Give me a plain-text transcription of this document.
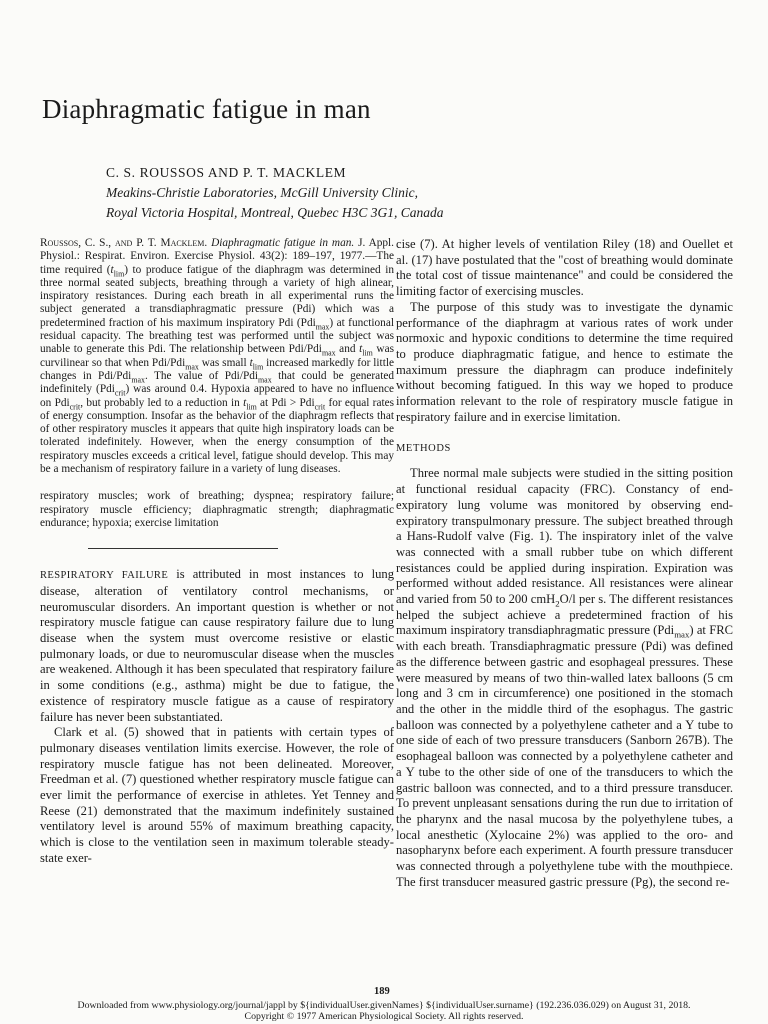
Diaphragmatic fatigue in man
C. S. ROUSSOS AND P. T. MACKLEM
Meakins-Christie Laboratories, McGill University Clinic,
Royal Victoria Hospital, Montreal, Quebec H3C 3G1, Canada

Roussos, C. S., and P. T. Macklem. Diaphragmatic fatigue in man. J. Appl. Physiol.: Respirat. Environ. Exercise Physiol. 43(2): 189–197, 1977.—The time required $(t_{lim})$ to produce fatigue of the diaphragm was determined in three normal seated subjects, breathing through a variety of high alinear, inspiratory resistances. During each breath in all experimental runs the subject generated a transdiaphragmatic pressure (Pdi) which was a predetermined fraction of his maximum inspiratory Pdi (Pdi$_{max}$) at functional residual capacity. The breathing test was performed until the subject was unable to generate this Pdi. The relationship between Pdi/Pdi$_{max}$ and $t_{lim}$ was curvilinear so that when Pdi/Pdi$_{max}$ was small $t_{lim}$ increased markedly for little changes in Pdi/Pdi$_{max}$. The value of Pdi/Pdi$_{max}$ that could be generated indefinitely (Pdi$_{crit}$) was around 0.4. Hypoxia appeared to have no influence on Pdi$_{crit}$, but probably led to a reduction in $t_{lim}$ at Pdi > Pdi$_{crit}$ for equal rates of energy consumption. Insofar as the behavior of the diaphragm reflects that of other respiratory muscles it appears that quite high inspiratory loads can be tolerated indefinitely. However, when the energy consumption of the respiratory muscles exceeds a critical level, fatigue should develop. This may be a mechanism of respiratory failure in a variety of lung diseases.

respiratory muscles; work of breathing; dyspnea; respiratory failure; respiratory muscle efficiency; diaphragmatic strength; diaphragmatic endurance; hypoxia; exercise limitation

RESPIRATORY FAILURE is attributed in most instances to lung disease, alteration of ventilatory control mechanisms, or neuromuscular disorders. An important question is whether or not respiratory muscle fatigue can cause respiratory failure due to lung disease when the system must overcome resistive or elastic pulmonary loads, or due to neuromuscular disease when the muscles are weakened. Although it has been speculated that respiratory failure in some conditions (e.g., asthma) might be due to fatigue, the existence of respiratory muscle fatigue as a cause of respiratory failure has never been substantiated.

Clark et al. (5) showed that in patients with certain types of pulmonary diseases ventilation limits exercise. However, the role of respiratory muscle fatigue has not been delineated. Moreover, Freedman et al. (7) questioned whether respiratory muscle fatigue can ever limit the performance of exercise in athletes. Yet Tenney and Reese (21) demonstrated that the maximum indefinitely sustained ventilatory level is around 55% of maximum breathing capacity, which is close to the ventilation seen in maximum tolerable steady-state exer-

cise (7). At higher levels of ventilation Riley (18) and Ouellet et al. (17) have postulated that the "cost of breathing would dominate the total cost of tissue maintenance" and could be considered the limiting factor of exercising muscles.

The purpose of this study was to investigate the dynamic performance of the diaphragm at various rates of work under normoxic and hypoxic conditions to determine the time required to produce diaphragmatic fatigue, and hence to estimate the maximum pressure the diaphragm can produce indefinitely without becoming fatigued. In this way we hoped to produce information relevant to the role of respiratory muscle fatigue in respiratory failure and in exercise limitation.

METHODS

Three normal male subjects were studied in the sitting position at functional residual capacity (FRC). Constancy of end-expiratory lung volume was monitored by observing end-expiratory transpulmonary pressure. The subject breathed through a Hans-Rudolf valve (Fig. 1). The inspiratory inlet of the valve was connected with a small rubber tube on which different resistances could be applied during inspiration. Expiration was performed without added resistance. All resistances were alinear and varied from 50 to 200 cmH$_2$O/l per s. The different resistances helped the subject achieve a predetermined fraction of his maximum inspiratory transdiaphragmatic pressure (Pdi$_{max}$) at FRC with each breath. Transdiaphragmatic pressure (Pdi) was defined as the difference between gastric and esophageal pressures. These were measured by means of two thin-walled latex balloons (5 cm long and 3 cm in circumference) one positioned in the stomach and the other in the middle third of the esophagus. The gastric balloon was connected by a polyethylene catheter and a Y tube to one side of each of two pressure transducers (Sanborn 267B). The esophageal balloon was connected by a polyethylene catheter and a Y tube to the other side of one of the transducers to which the gastric balloon was connected, and to a third pressure transducer. To prevent unpleasant sensations during the run due to irritation of the pharynx and the nasal mucosa by the polyethylene tubes, a local anesthetic (Xylocaine 2%) was applied to the oro- and nasopharynx before each experiment. A fourth pressure transducer was connected through a polyethylene tube with the mouthpiece. The first transducer measured gastric pressure (Pg), the second re-

189
Downloaded from www.physiology.org/journal/jappl by ${individualUser.givenNames} ${individualUser.surname} (192.236.036.029) on August 31, 2018.
Copyright © 1977 American Physiological Society. All rights reserved.
